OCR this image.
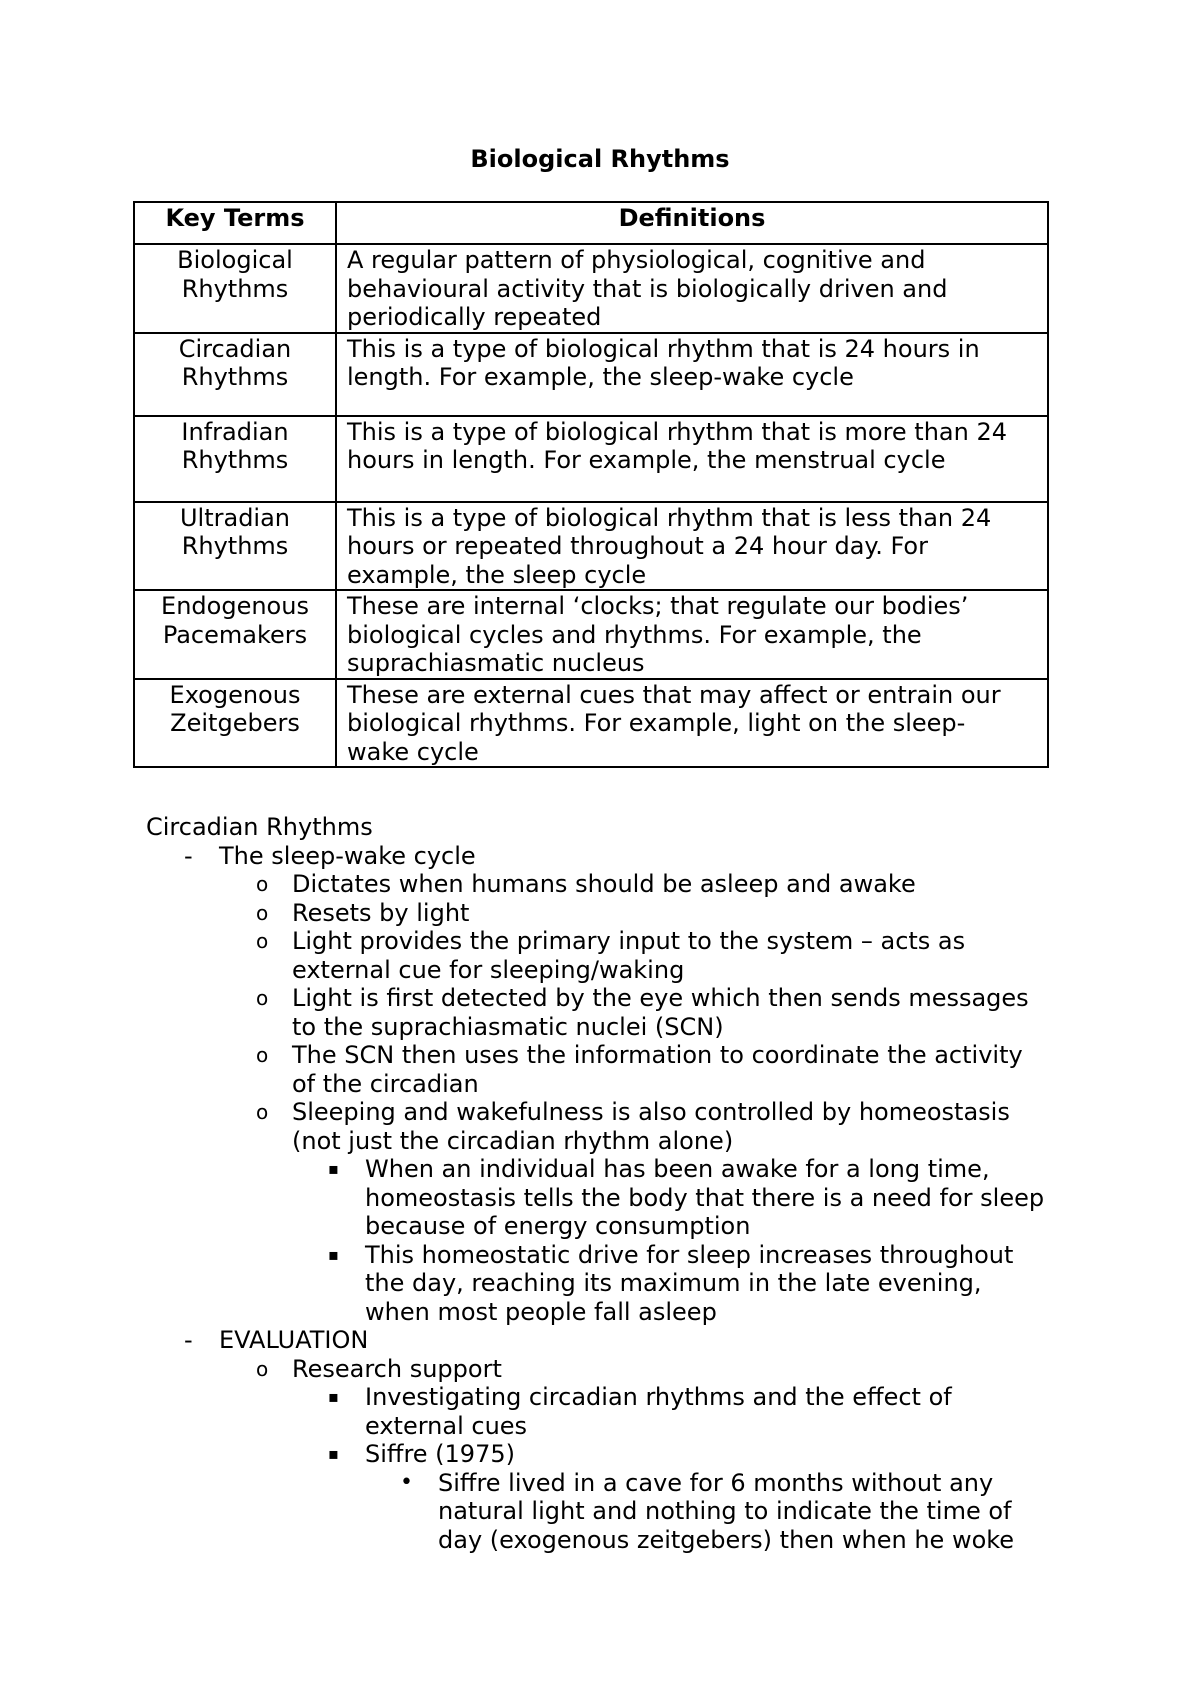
Biological Rhythms
Key Terms	Definitions

Biological
Rhythms	A regular pattern of physiological, cognitive and
behavioural activity that is biologically driven and
periodically repeated

Circadian
Rhythms	This is a type of biological rhythm that is 24 hours in
length. For example, the sleep-wake cycle

Infradian
Rhythms	This is a type of biological rhythm that is more than 24
hours in length. For example, the menstrual cycle

Ultradian
Rhythms	This is a type of biological rhythm that is less than 24
hours or repeated throughout a 24 hour day. For
example, the sleep cycle

Endogenous
Pacemakers	These are internal ‘clocks; that regulate our bodies’
biological cycles and rhythms. For example, the
suprachiasmatic nucleus

Exogenous
Zeitgebers	These are external cues that may affect or entrain our
biological rhythms. For example, light on the sleep-
wake cycle
Circadian Rhythms
- The sleep-wake cycle
o Dictates when humans should be asleep and awake
o Resets by light
o Light provides the primary input to the system – acts as
external cue for sleeping/waking
o Light is first detected by the eye which then sends messages
to the suprachiasmatic nuclei (SCN)
o The SCN then uses the information to coordinate the activity
of the circadian
o Sleeping and wakefulness is also controlled by homeostasis
(not just the circadian rhythm alone)
▪ When an individual has been awake for a long time,
homeostasis tells the body that there is a need for sleep
because of energy consumption
▪ This homeostatic drive for sleep increases throughout
the day, reaching its maximum in the late evening,
when most people fall asleep
- EVALUATION
o Research support
▪ Investigating circadian rhythms and the effect of
external cues
▪ Siffre (1975)
• Siffre lived in a cave for 6 months without any
natural light and nothing to indicate the time of
day (exogenous zeitgebers) then when he woke
